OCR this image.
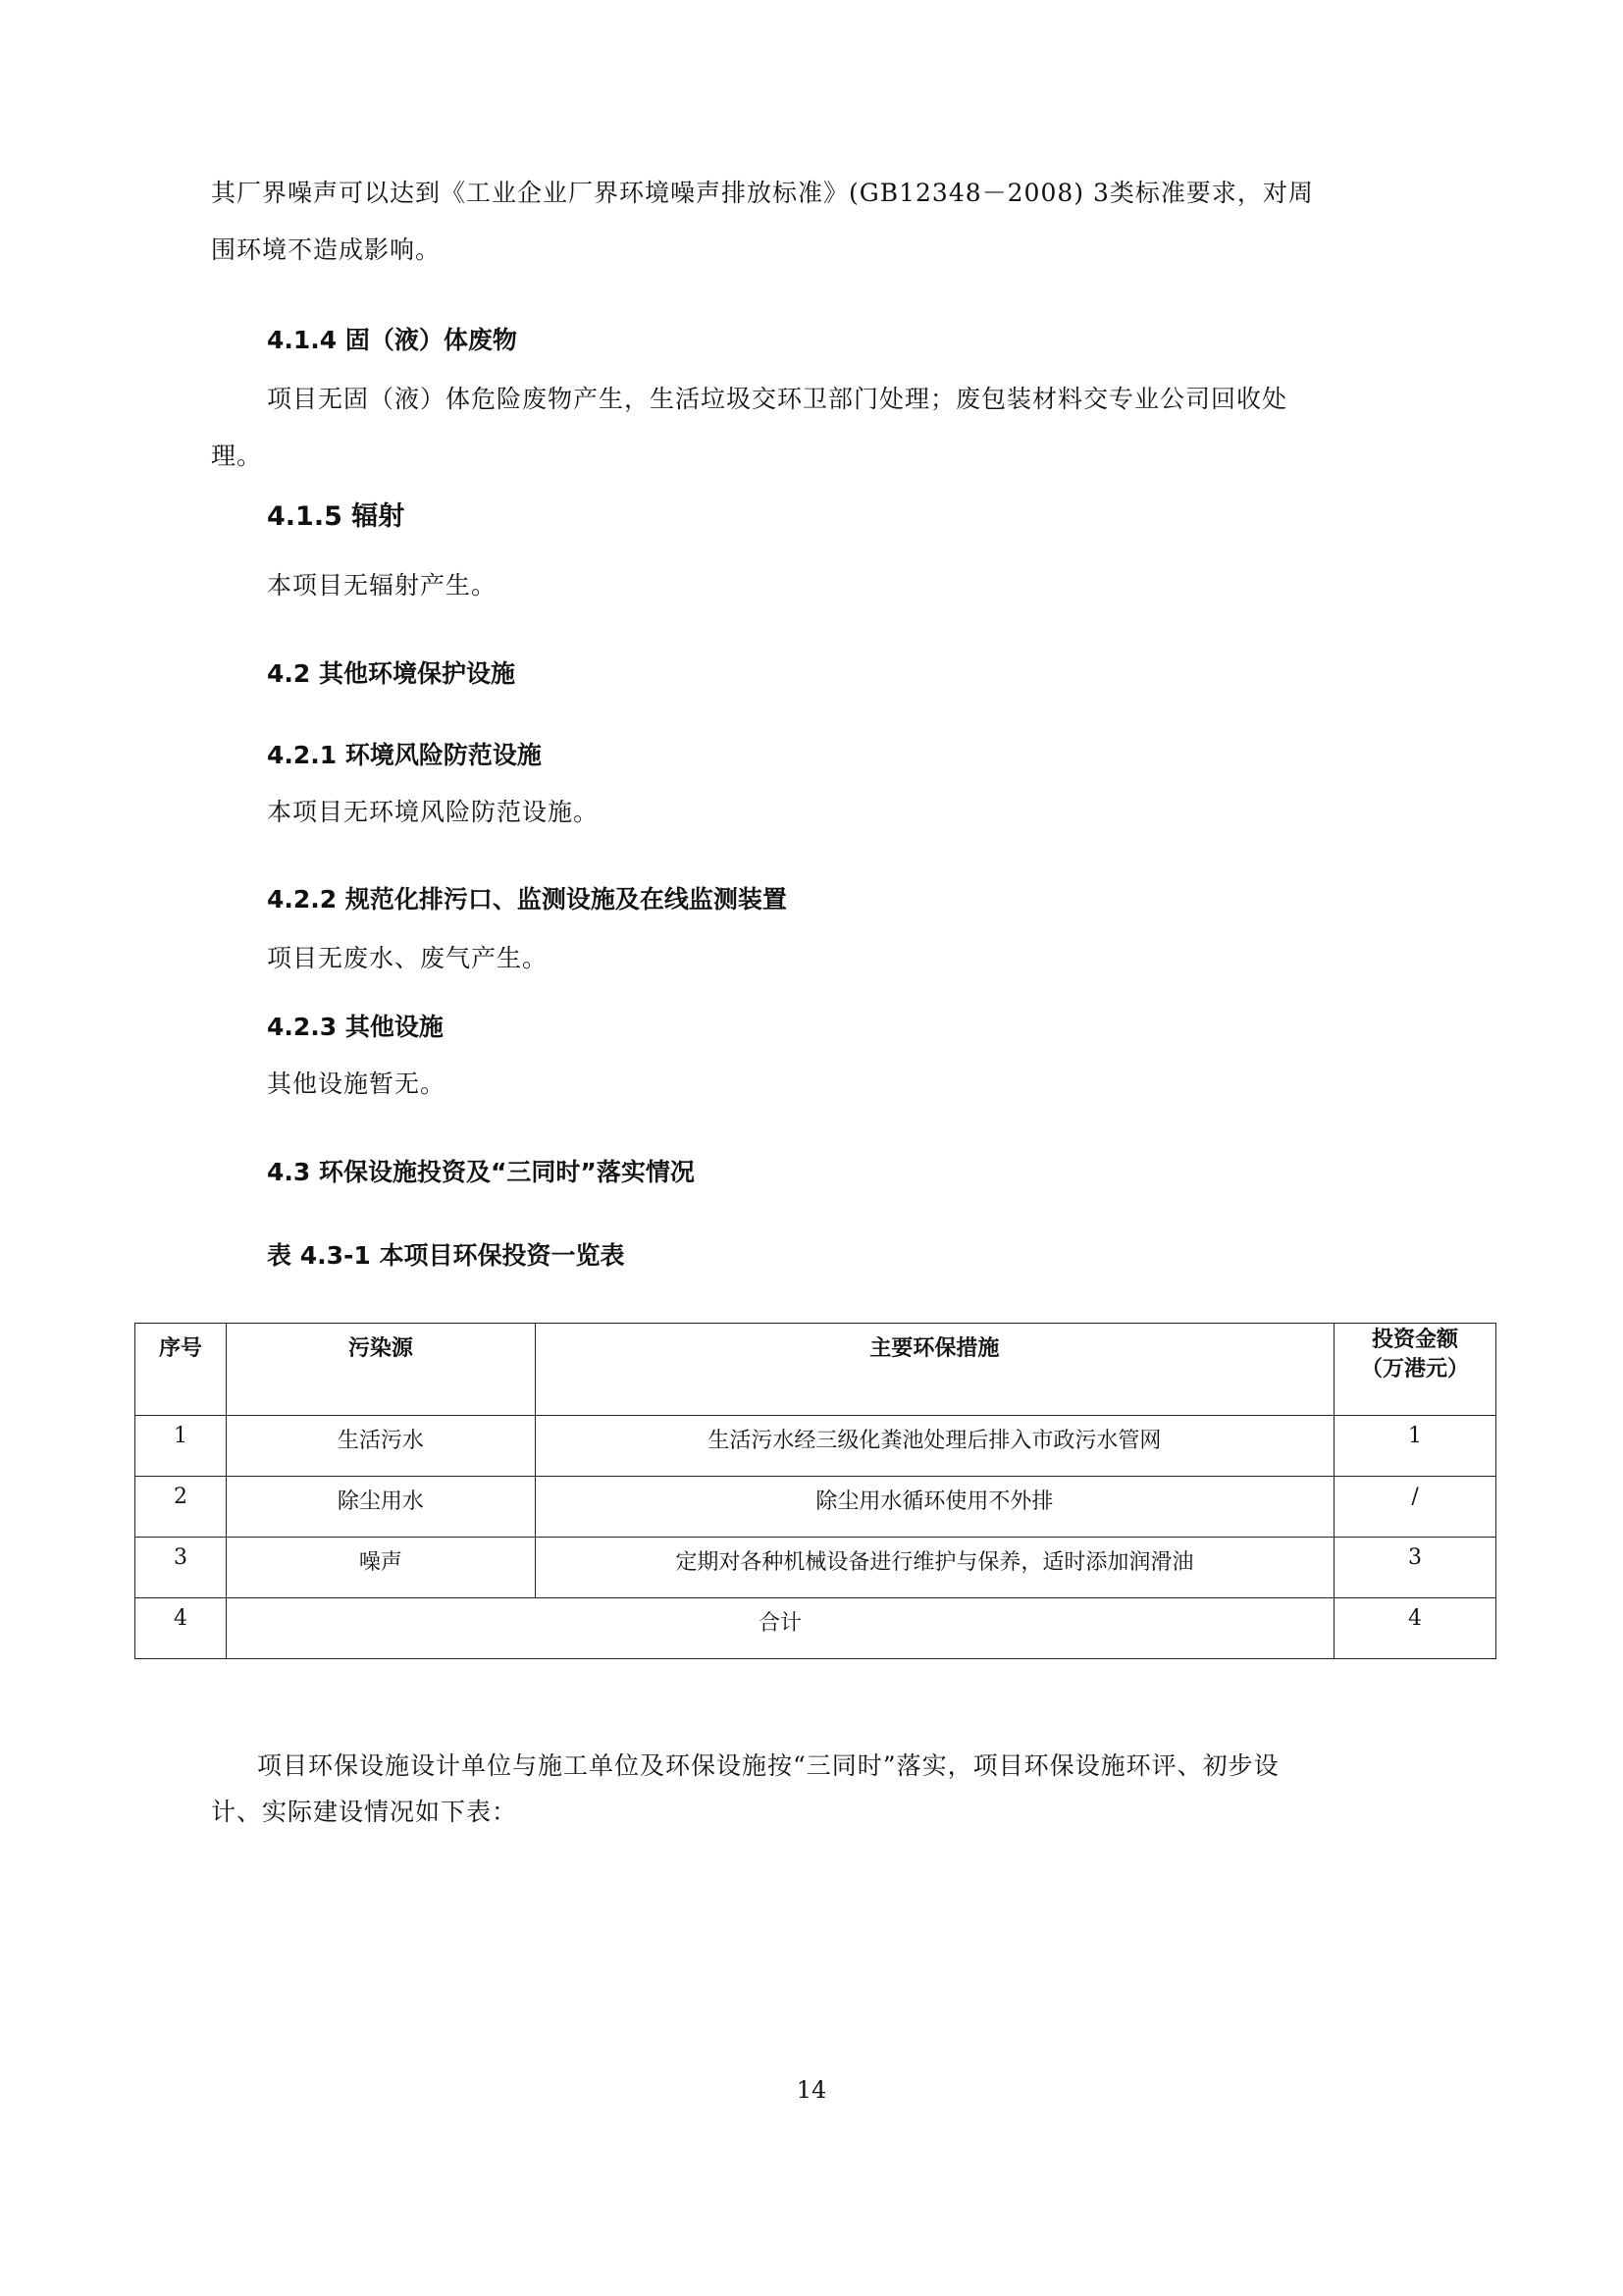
其厂界噪声可以达到《工业企业厂界环境噪声排放标准》(GB12348－2008) 3类标准要求，对周
围环境不造成影响。
4.1.4 固（液）体废物
项目无固（液）体危险废物产生，生活垃圾交环卫部门处理；废包装材料交专业公司回收处
理。
4.1.5 辐射
本项目无辐射产生。
4.2 其他环境保护设施
4.2.1 环境风险防范设施
本项目无环境风险防范设施。
4.2.2 规范化排污口、监测设施及在线监测装置
项目无废水、废气产生。
4.2.3 其他设施
其他设施暂无。
4.3 环保设施投资及“三同时”落实情况
表 4.3-1 本项目环保投资一览表
序号	污染源	主要环保措施	投资金额
（万港元）
1	生活污水	生活污水经三级化粪池处理后排入市政污水管网	1
2	除尘用水	除尘用水循环使用不外排	/
3	噪声	定期对各种机械设备进行维护与保养，适时添加润滑油	3
4	合计		4
项目环保设施设计单位与施工单位及环保设施按“三同时”落实，项目环保设施环评、初步设
计、实际建设情况如下表：
14
